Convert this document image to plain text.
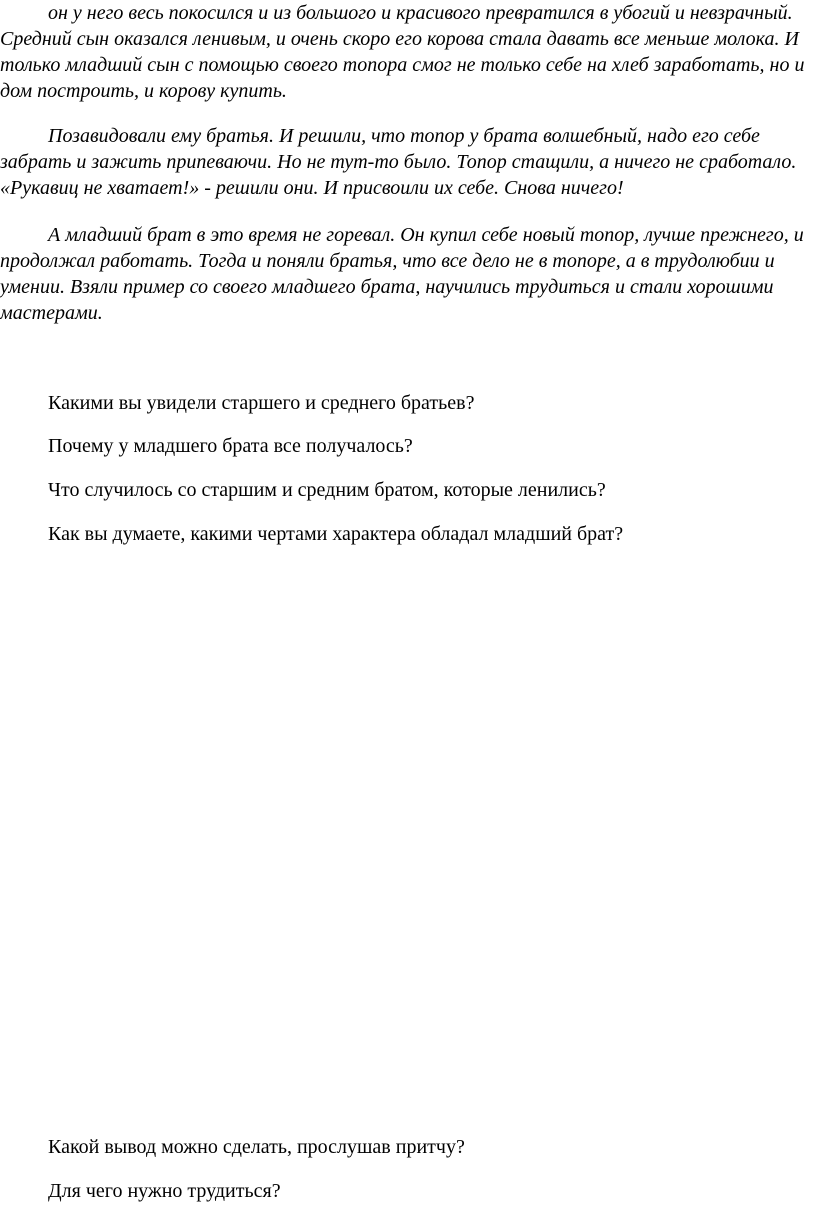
он у него весь покосился и из большого и красивого превратился в убогий и невзрачный. Средний сын оказался ленивым, и очень скоро его корова стала давать все меньше молока. И только младший сын с помощью своего топора смог не только себе на хлеб заработать, но и дом построить, и корову купить.

Позавидовали ему братья. И решили, что топор у брата волшебный, надо его себе забрать и зажить припеваючи. Но не тут-то было. Топор стащили, а ничего не сработало. «Рукавиц не хватает!» - решили они. И присвоили их себе. Снова ничего!

А младший брат в это время не горевал. Он купил себе новый топор, лучше прежнего, и продолжал работать. Тогда и поняли братья, что все дело не в топоре, а в трудолюбии и умении. Взяли пример со своего младшего брата, научились трудиться и стали хорошими мастерами.

Какими вы увидели старшего и среднего братьев?

Почему у младшего брата все получалось?

Что случилось со старшим и средним братом, которые ленились?

Как вы думаете, какими чертами характера обладал младший брат?

Какой вывод можно сделать, прослушав притчу?

Для чего нужно трудиться?
